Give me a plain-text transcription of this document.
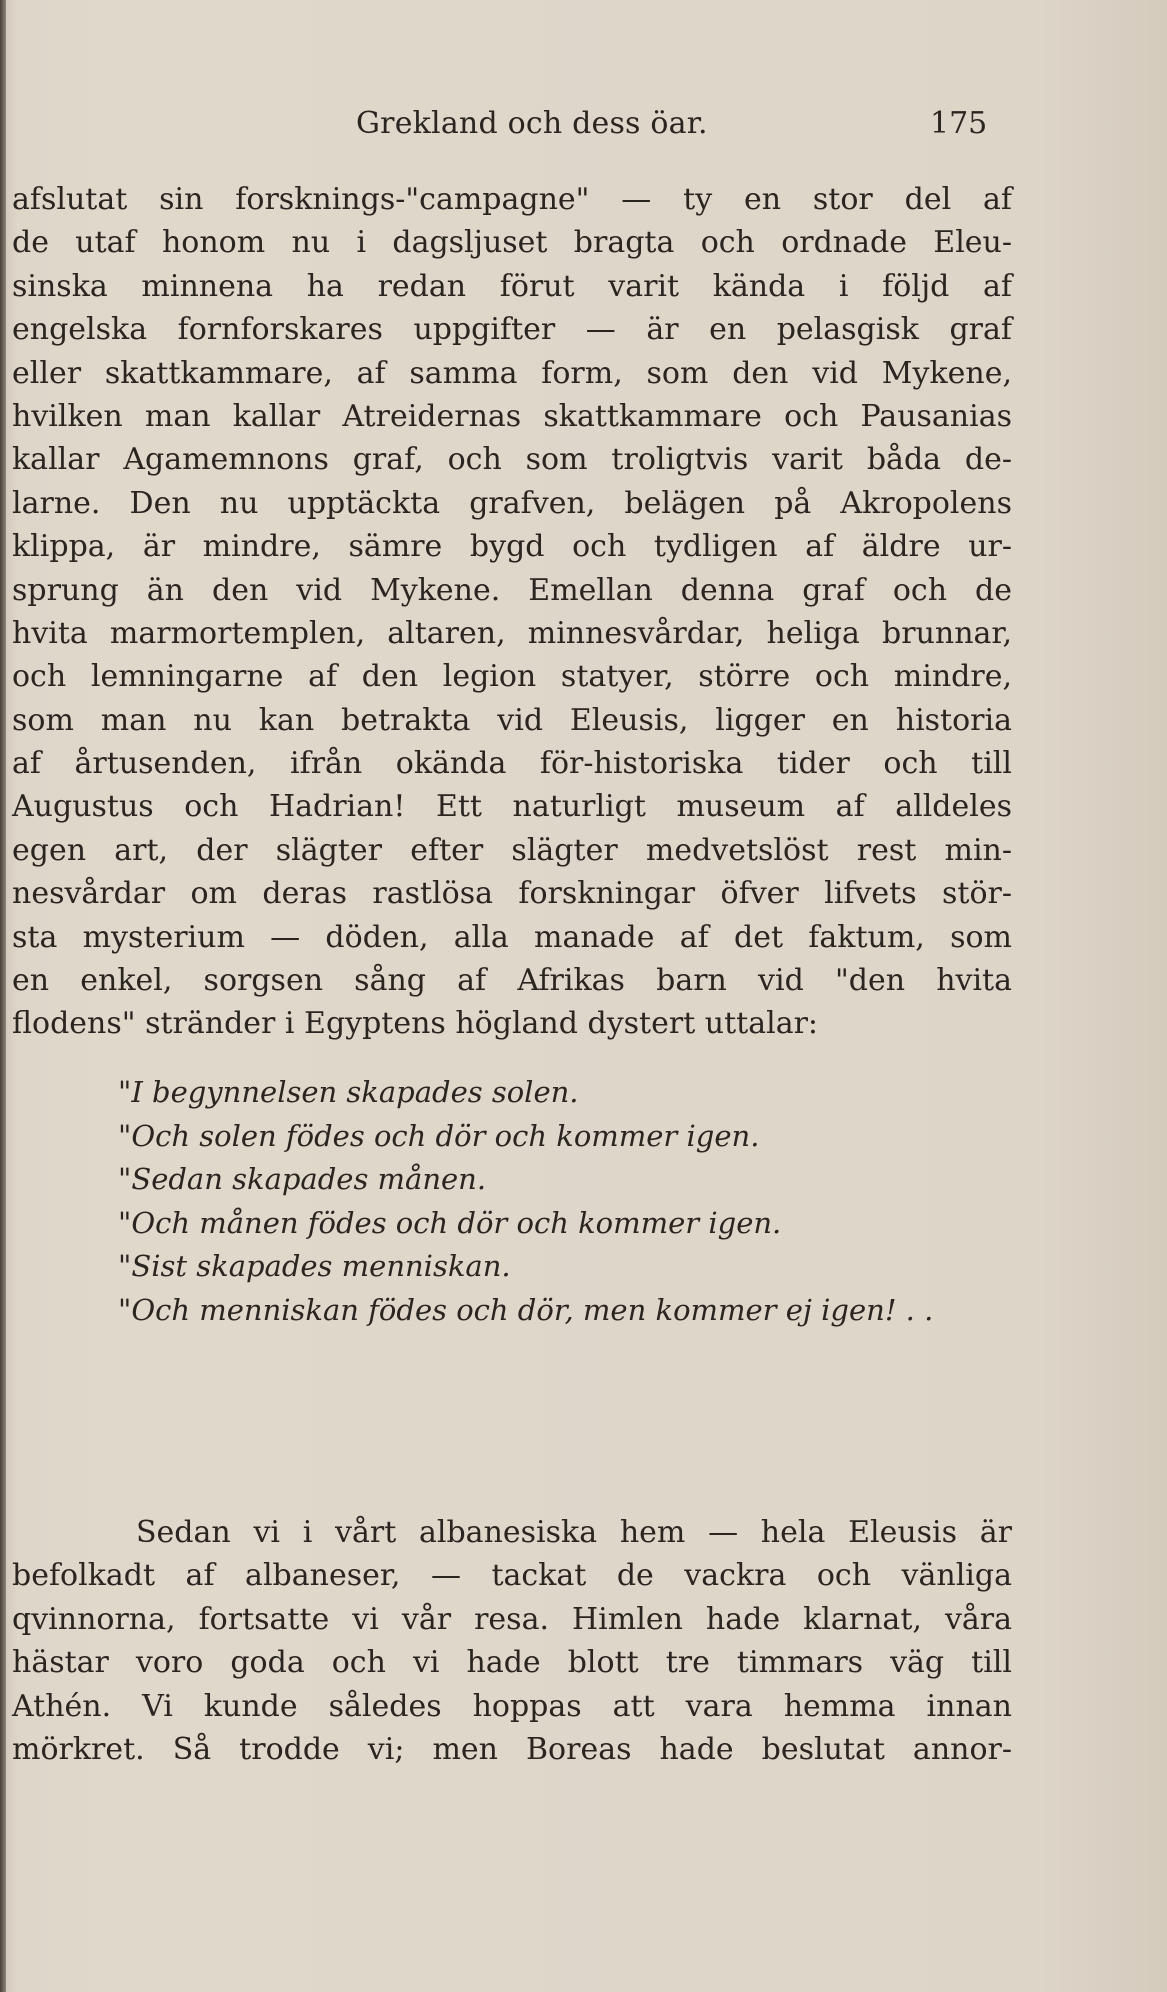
Grekland och dess öar.	175
afslutat sin forsknings-"campagne" — ty en stor del af
de utaf honom nu i dagsljuset bragta och ordnade Eleu-
sinska minnena ha redan förut varit kända i följd af
engelska fornforskares uppgifter — är en pelasgisk graf
eller skattkammare, af samma form, som den vid Mykene,
hvilken man kallar Atreidernas skattkammare och Pausanias
kallar Agamemnons graf, och som troligtvis varit båda de-
larne. Den nu upptäckta grafven, belägen på Akropolens
klippa, är mindre, sämre bygd och tydligen af äldre ur-
sprung än den vid Mykene. Emellan denna graf och de
hvita marmortemplen, altaren, minnesvårdar, heliga brunnar,
och lemningarne af den legion statyer, större och mindre,
som man nu kan betrakta vid Eleusis, ligger en historia
af årtusenden, ifrån okända för-historiska tider och till
Augustus och Hadrian! Ett naturligt museum af alldeles
egen art, der slägter efter slägter medvetslöst rest min-
nesvårdar om deras rastlösa forskningar öfver lifvets stör-
sta mysterium — döden, alla manade af det faktum, som
en enkel, sorgsen sång af Afrikas barn vid "den hvita
flodens" stränder i Egyptens högland dystert uttalar:
"I begynnelsen skapades solen.
"Och solen födes och dör och kommer igen.
"Sedan skapades månen.
"Och månen födes och dör och kommer igen.
"Sist skapades menniskan.
"Och menniskan födes och dör, men kommer ej igen! . .
Sedan vi i vårt albanesiska hem — hela Eleusis är
befolkadt af albaneser, — tackat de vackra och vänliga
qvinnorna, fortsatte vi vår resa. Himlen hade klarnat, våra
hästar voro goda och vi hade blott tre timmars väg till
Athén. Vi kunde således hoppas att vara hemma innan
mörkret. Så trodde vi; men Boreas hade beslutat annor-
